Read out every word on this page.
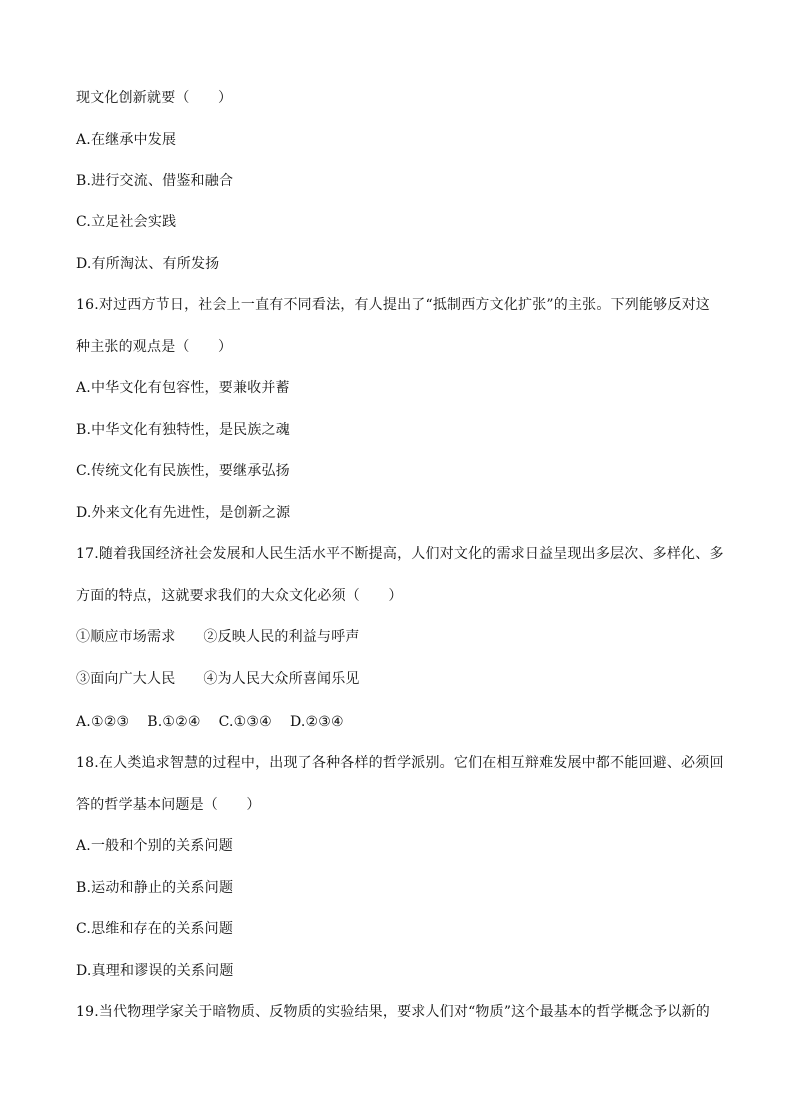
现文化创新就要（　　）
A.在继承中发展
B.进行交流、借鉴和融合
C.立足社会实践
D.有所淘汰、有所发扬
16.对过西方节日，社会上一直有不同看法，有人提出了“抵制西方文化扩张”的主张。下列能够反对这
种主张的观点是（　　）
A.中华文化有包容性，要兼收并蓄
B.中华文化有独特性，是民族之魂
C.传统文化有民族性，要继承弘扬
D.外来文化有先进性，是创新之源
17.随着我国经济社会发展和人民生活水平不断提高，人们对文化的需求日益呈现出多层次、多样化、多
方面的特点，这就要求我们的大众文化必须（　　）
①顺应市场需求 ②反映人民的利益与呼声
③面向广大人民 ④为人民大众所喜闻乐见
A.①②③ B.①②④ C.①③④ D.②③④
18.在人类追求智慧的过程中，出现了各种各样的哲学派别。它们在相互辩难发展中都不能回避、必须回
答的哲学基本问题是（　　）
A.一般和个别的关系问题
B.运动和静止的关系问题
C.思维和存在的关系问题
D.真理和谬误的关系问题
19.当代物理学家关于暗物质、反物质的实验结果，要求人们对“物质”这个最基本的哲学概念予以新的
